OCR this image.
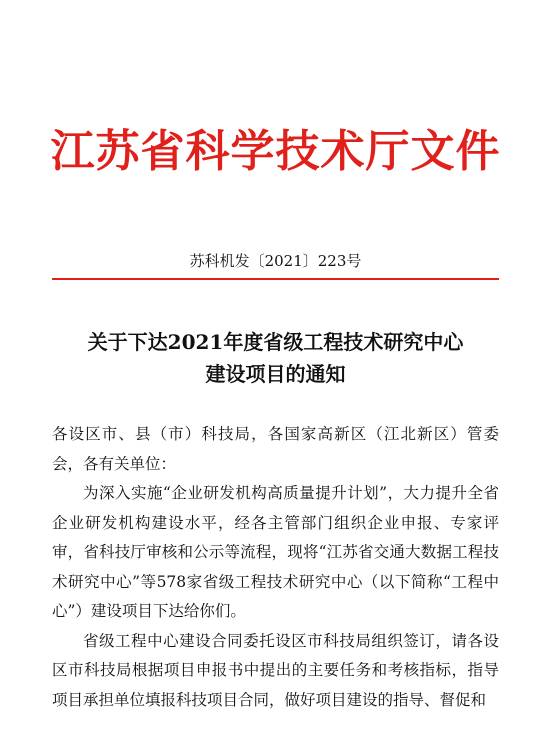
江苏省科学技术厅文件
苏科机发〔2021〕223号
关于下达2021年度省级工程技术研究中心
建设项目的通知

各设区市、县（市）科技局，各国家高新区（江北新区）管委会，各有关单位：

为深入实施“企业研发机构高质量提升计划”，大力提升全省企业研发机构建设水平，经各主管部门组织企业申报、专家评审，省科技厅审核和公示等流程，现将“江苏省交通大数据工程技术研究中心”等578家省级工程技术研究中心（以下简称“工程中心”）建设项目下达给你们。

省级工程中心建设合同委托设区市科技局组织签订，请各设区市科技局根据项目申报书中提出的主要任务和考核指标，指导项目承担单位填报科技项目合同，做好项目建设的指导、督促和
